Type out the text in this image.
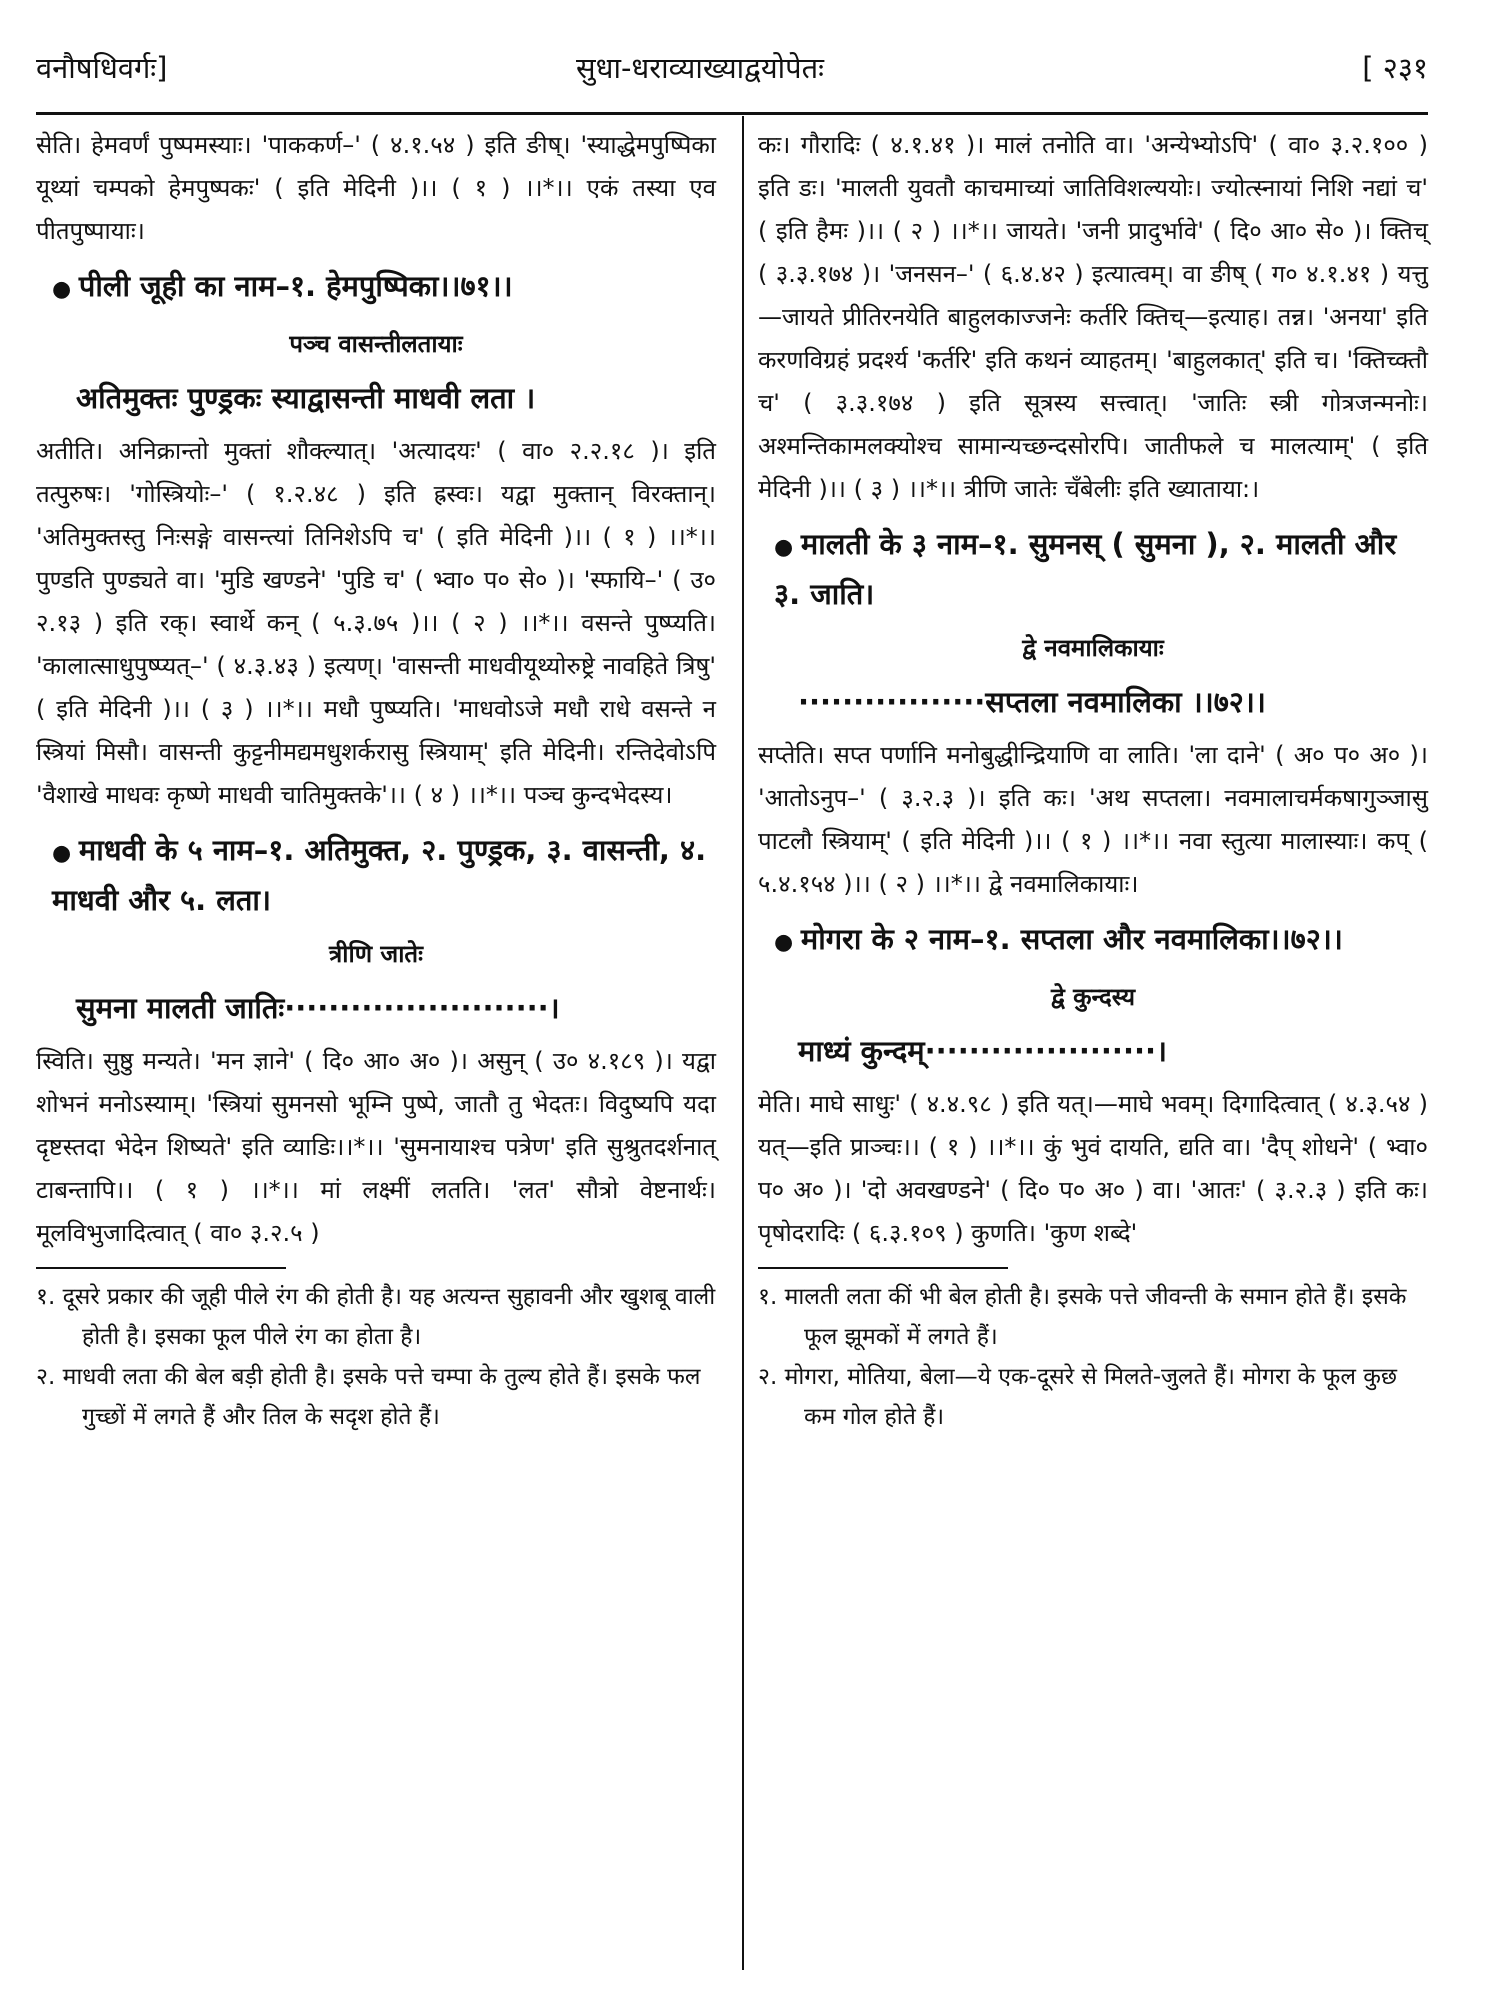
वनौषधिवर्गः]	सुधा-धराव्याख्याद्वयोपेतः	[ २३१

सेति। हेमवर्णं पुष्पमस्याः। 'पाककर्ण–' ( ४.१.५४ ) इति ङीष्। 'स्याद्धेमपुष्पिका यूथ्यां चम्पको हेमपुष्पकः' ( इति मेदिनी )।। ( १ ) ।।*।। एकं तस्या एव पीतपुष्पायाः।

● पीली जूही का नाम–१. हेमपुष्पिका।।७१।।
पञ्च वासन्तीलतायाः
अतिमुक्तः पुण्ड्रकः स्याद्वासन्ती माधवी लता ।

अतीति। अनिक्रान्तो मुक्तां शौक्ल्यात्। 'अत्यादयः' ( वा० २.२.१८ )। इति तत्पुरुषः। 'गोस्त्रियोः–' ( १.२.४८ ) इति ह्रस्वः। यद्वा मुक्तान् विरक्तान्। 'अतिमुक्तस्तु निःसङ्गे वासन्त्यां तिनिशेऽपि च' ( इति मेदिनी )।। ( १ ) ।।*।। पुण्डति पुण्ड्यते वा। 'मुडि खण्डने' 'पुडि च' ( भ्वा० प० से० )। 'स्फायि–' ( उ० २.१३ ) इति रक्। स्वार्थे कन् ( ५.३.७५ )।। ( २ ) ।।*।। वसन्ते पुष्प्यति। 'कालात्साधुपुष्प्यत्–' ( ४.३.४३ ) इत्यण्। 'वासन्ती माधवीयूथ्योरुष्ट्रे नावहिते त्रिषु' ( इति मेदिनी )।। ( ३ ) ।।*।। मधौ पुष्प्यति। 'माधवोऽजे मधौ राधे वसन्ते न स्त्रियां मिसौ। वासन्ती कुट्टनीमद्यमधुशर्करासु स्त्रियाम्' इति मेदिनी। रन्तिदेवोऽपि 'वैशाखे माधवः कृष्णे माधवी चातिमुक्तके'।। ( ४ ) ।।*।। पञ्च कुन्दभेदस्य।

● माधवी के ५ नाम–१. अतिमुक्त, २. पुण्ड्रक, ३. वासन्ती, ४. माधवी और ५. लता।
त्रीणि जातेः
सुमना मालती जातिः························।

स्विति। सुष्ठु मन्यते। 'मन ज्ञाने' ( दि० आ० अ० )। असुन् ( उ० ४.१८९ )। यद्वा शोभनं मनोऽस्याम्। 'स्त्रियां सुमनसो भूम्नि पुष्पे, जातौ तु भेदतः। विदुष्यपि यदा दृष्टस्तदा भेदेन शिष्यते' इति व्याडिः।।*।। 'सुमनायाश्च पत्रेण' इति सुश्रुतदर्शनात् टाबन्तापि।। ( १ ) ।।*।। मां लक्ष्मीं लतति। 'लत' सौत्रो वेष्टनार्थः। मूलविभुजादित्वात् ( वा० ३.२.५ )

१. दूसरे प्रकार की जूही पीले रंग की होती है। यह अत्यन्त सुहावनी और खुशबू वाली होती है। इसका फूल पीले रंग का होता है।

२. माधवी लता की बेल बड़ी होती है। इसके पत्ते चम्पा के तुल्य होते हैं। इसके फल गुच्छों में लगते हैं और तिल के सदृश होते हैं।

कः। गौरादिः ( ४.१.४१ )। मालं तनोति वा। 'अन्येभ्योऽपि' ( वा० ३.२.१०० ) इति डः। 'मालती युवतौ काचमाच्यां जातिविशल्ययोः। ज्योत्स्नायां निशि नद्यां च' ( इति हैमः )।। ( २ ) ।।*।। जायते। 'जनी प्रादुर्भावे' ( दि० आ० से० )। क्तिच् ( ३.३.१७४ )। 'जनसन–' ( ६.४.४२ ) इत्यात्वम्। वा ङीष् ( ग० ४.१.४१ ) यत्तु—जायते प्रीतिरनयेति बाहुलकाज्जनेः कर्तरि क्तिच्—इत्याह। तन्न। 'अनया' इति करणविग्रहं प्रदर्श्य 'कर्तरि' इति कथनं व्याहतम्। 'बाहुलकात्' इति च। 'क्तिच्क्तौ च' ( ३.३.१७४ ) इति सूत्रस्य सत्त्वात्। 'जातिः स्त्री गोत्रजन्मनोः। अश्मन्तिकामलक्योश्च सामान्यच्छन्दसोरपि। जातीफले च मालत्याम्' ( इति मेदिनी )।। ( ३ ) ।।*।। त्रीणि जातेः चँबेलीः इति ख्याताया:।

● मालती के ३ नाम–१. सुमनस् ( सुमना ), २. मालती और ३. जाति।
द्वे नवमालिकायाः
·················सप्तला नवमालिका ।।७२।।

सप्तेति। सप्त पर्णानि मनोबुद्धीन्द्रियाणि वा लाति। 'ला दाने' ( अ० प० अ० )। 'आतोऽनुप–' ( ३.२.३ )। इति कः। 'अथ सप्तला। नवमालाचर्मकषागुञ्जासु पाटलौ स्त्रियाम्' ( इति मेदिनी )।। ( १ ) ।।*।। नवा स्तुत्या मालास्याः। कप् ( ५.४.१५४ )।। ( २ ) ।।*।। द्वे नवमालिकायाः।

● मोगरा के २ नाम–१. सप्तला और नवमालिका।।७२।।
द्वे कुन्दस्य
माध्यं कुन्दम्·····················।

मेति। माघे साधुः' ( ४.४.९८ ) इति यत्।—माघे भवम्। दिगादित्वात् ( ४.३.५४ ) यत्—इति प्राञ्चः।। ( १ ) ।।*।। कुं भुवं दायति, द्यति वा। 'दैप् शोधने' ( भ्वा० प० अ० )। 'दो अवखण्डने' ( दि० प० अ० ) वा। 'आतः' ( ३.२.३ ) इति कः। पृषोदरादिः ( ६.३.१०९ ) कुणति। 'कुण शब्दे'

१. मालती लता कीं भी बेल होती है। इसके पत्ते जीवन्ती के समान होते हैं। इसके फूल झूमकों में लगते हैं।

२. मोगरा, मोतिया, बेला—ये एक-दूसरे से मिलते-जुलते हैं। मोगरा के फूल कुछ कम गोल होते हैं।
